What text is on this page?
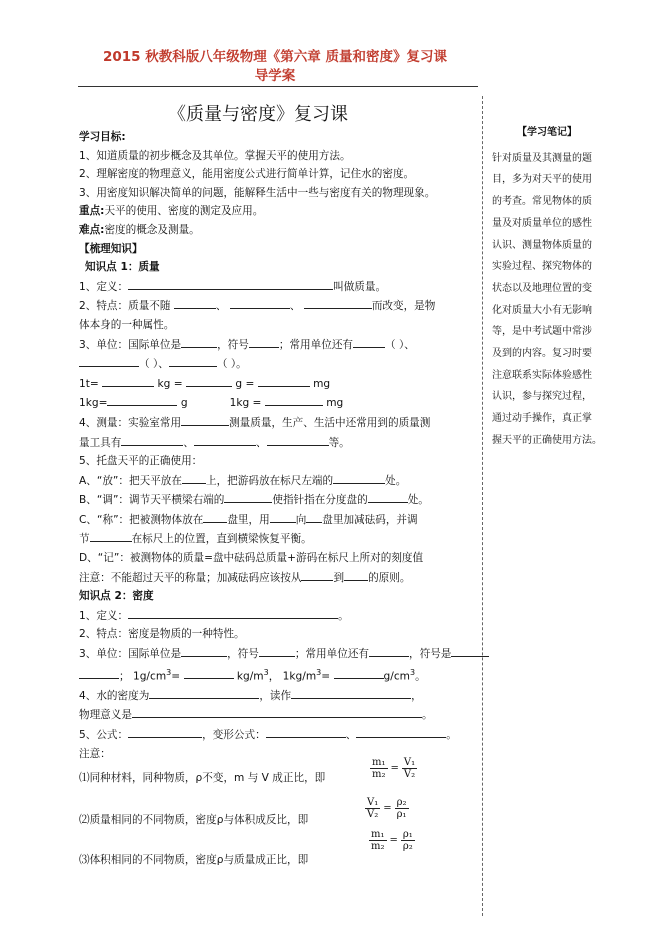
2015 秋教科版八年级物理《第六章 质量和密度》复习课
导学案
《质量与密度》复习课

学习目标:

1、知道质量的初步概念及其单位。掌握天平的使用方法。

2、理解密度的物理意义，能用密度公式进行简单计算，记住水的密度。

3、用密度知识解决简单的问题，能解释生活中一些与密度有关的物理现象。

重点:天平的使用、密度的测定及应用。

难点:密度的概念及测量。

【梳理知识】

知识点 1：质量

1、定义：	叫做质量。

2、特点：质量不随	、	、	而改变，是物

体本身的一种属性。

3、单位：国际单位是	，符号	；常用单位还有	（ ）、

（ ）、	（ ）。

1t=	kg =	g =	mg

1kg=	g	1kg =	mg

4、测量：实验室常用	测量质量，生产、生活中还常用到的质量测

量工具有	、	、	等。

5、托盘天平的正确使用：

A、“放”：把天平放在 上，把游码放在标尺左端的	处。

B、“调”：调节天平横梁右端的	使指针指在分度盘的	处。

C、“称”：把被测物体放在 盘里，用 向 盘里加减砝码，并调

节	在标尺上的位置，直到横梁恢复平衡。

D、“记”：被测物体的质量=盘中砝码总质量+游码在标尺上所对的刻度值

注意：不能超过天平的称量；加减砝码应该按从	到 的原则。

知识点 2：密度

1、定义：	。

2、特点：密度是物质的一种特性。

3、单位：国际单位是	，符号	；常用单位还有	，符号是

； $1g/cm^3=$	$kg/m^3$， $1kg/m^3=$	$g/cm^3$。

4、水的密度为	，读作	，

物理意义是	。

5、公式：	，变形公式：	、	。

注意：

⑴同种材料，同种物质，ρ不变，m 与 V 成正比，即

⑵质量相同的不同物质，密度ρ与体积成反比，即

⑶体积相同的不同物质，密度ρ与质量成正比，即

$\frac{\text{m₁}}{\text{m₂}} = \frac{\text{V₁}}{\text{V₂}}$
$\frac{\text{V₁}}{\text{V₂}} = \frac{\text{ρ₂}}{\text{ρ₁}}$
$\frac{\text{m₁}}{\text{m₂}} = \frac{\text{ρ₁}}{\text{ρ₂}}$
【学习笔记】
针对质量及其测量的题
目，多为对天平的使用
的考查。常见物体的质
量及对质量单位的感性
认识、测量物体质量的
实验过程、探究物体的
状态以及地理位置的变
化对质量大小有无影响
等，是中考试题中常涉
及到的内容。复习时要
注意联系实际体验感性
认识，参与探究过程，
通过动手操作，真正掌
握天平的正确使用方法。
